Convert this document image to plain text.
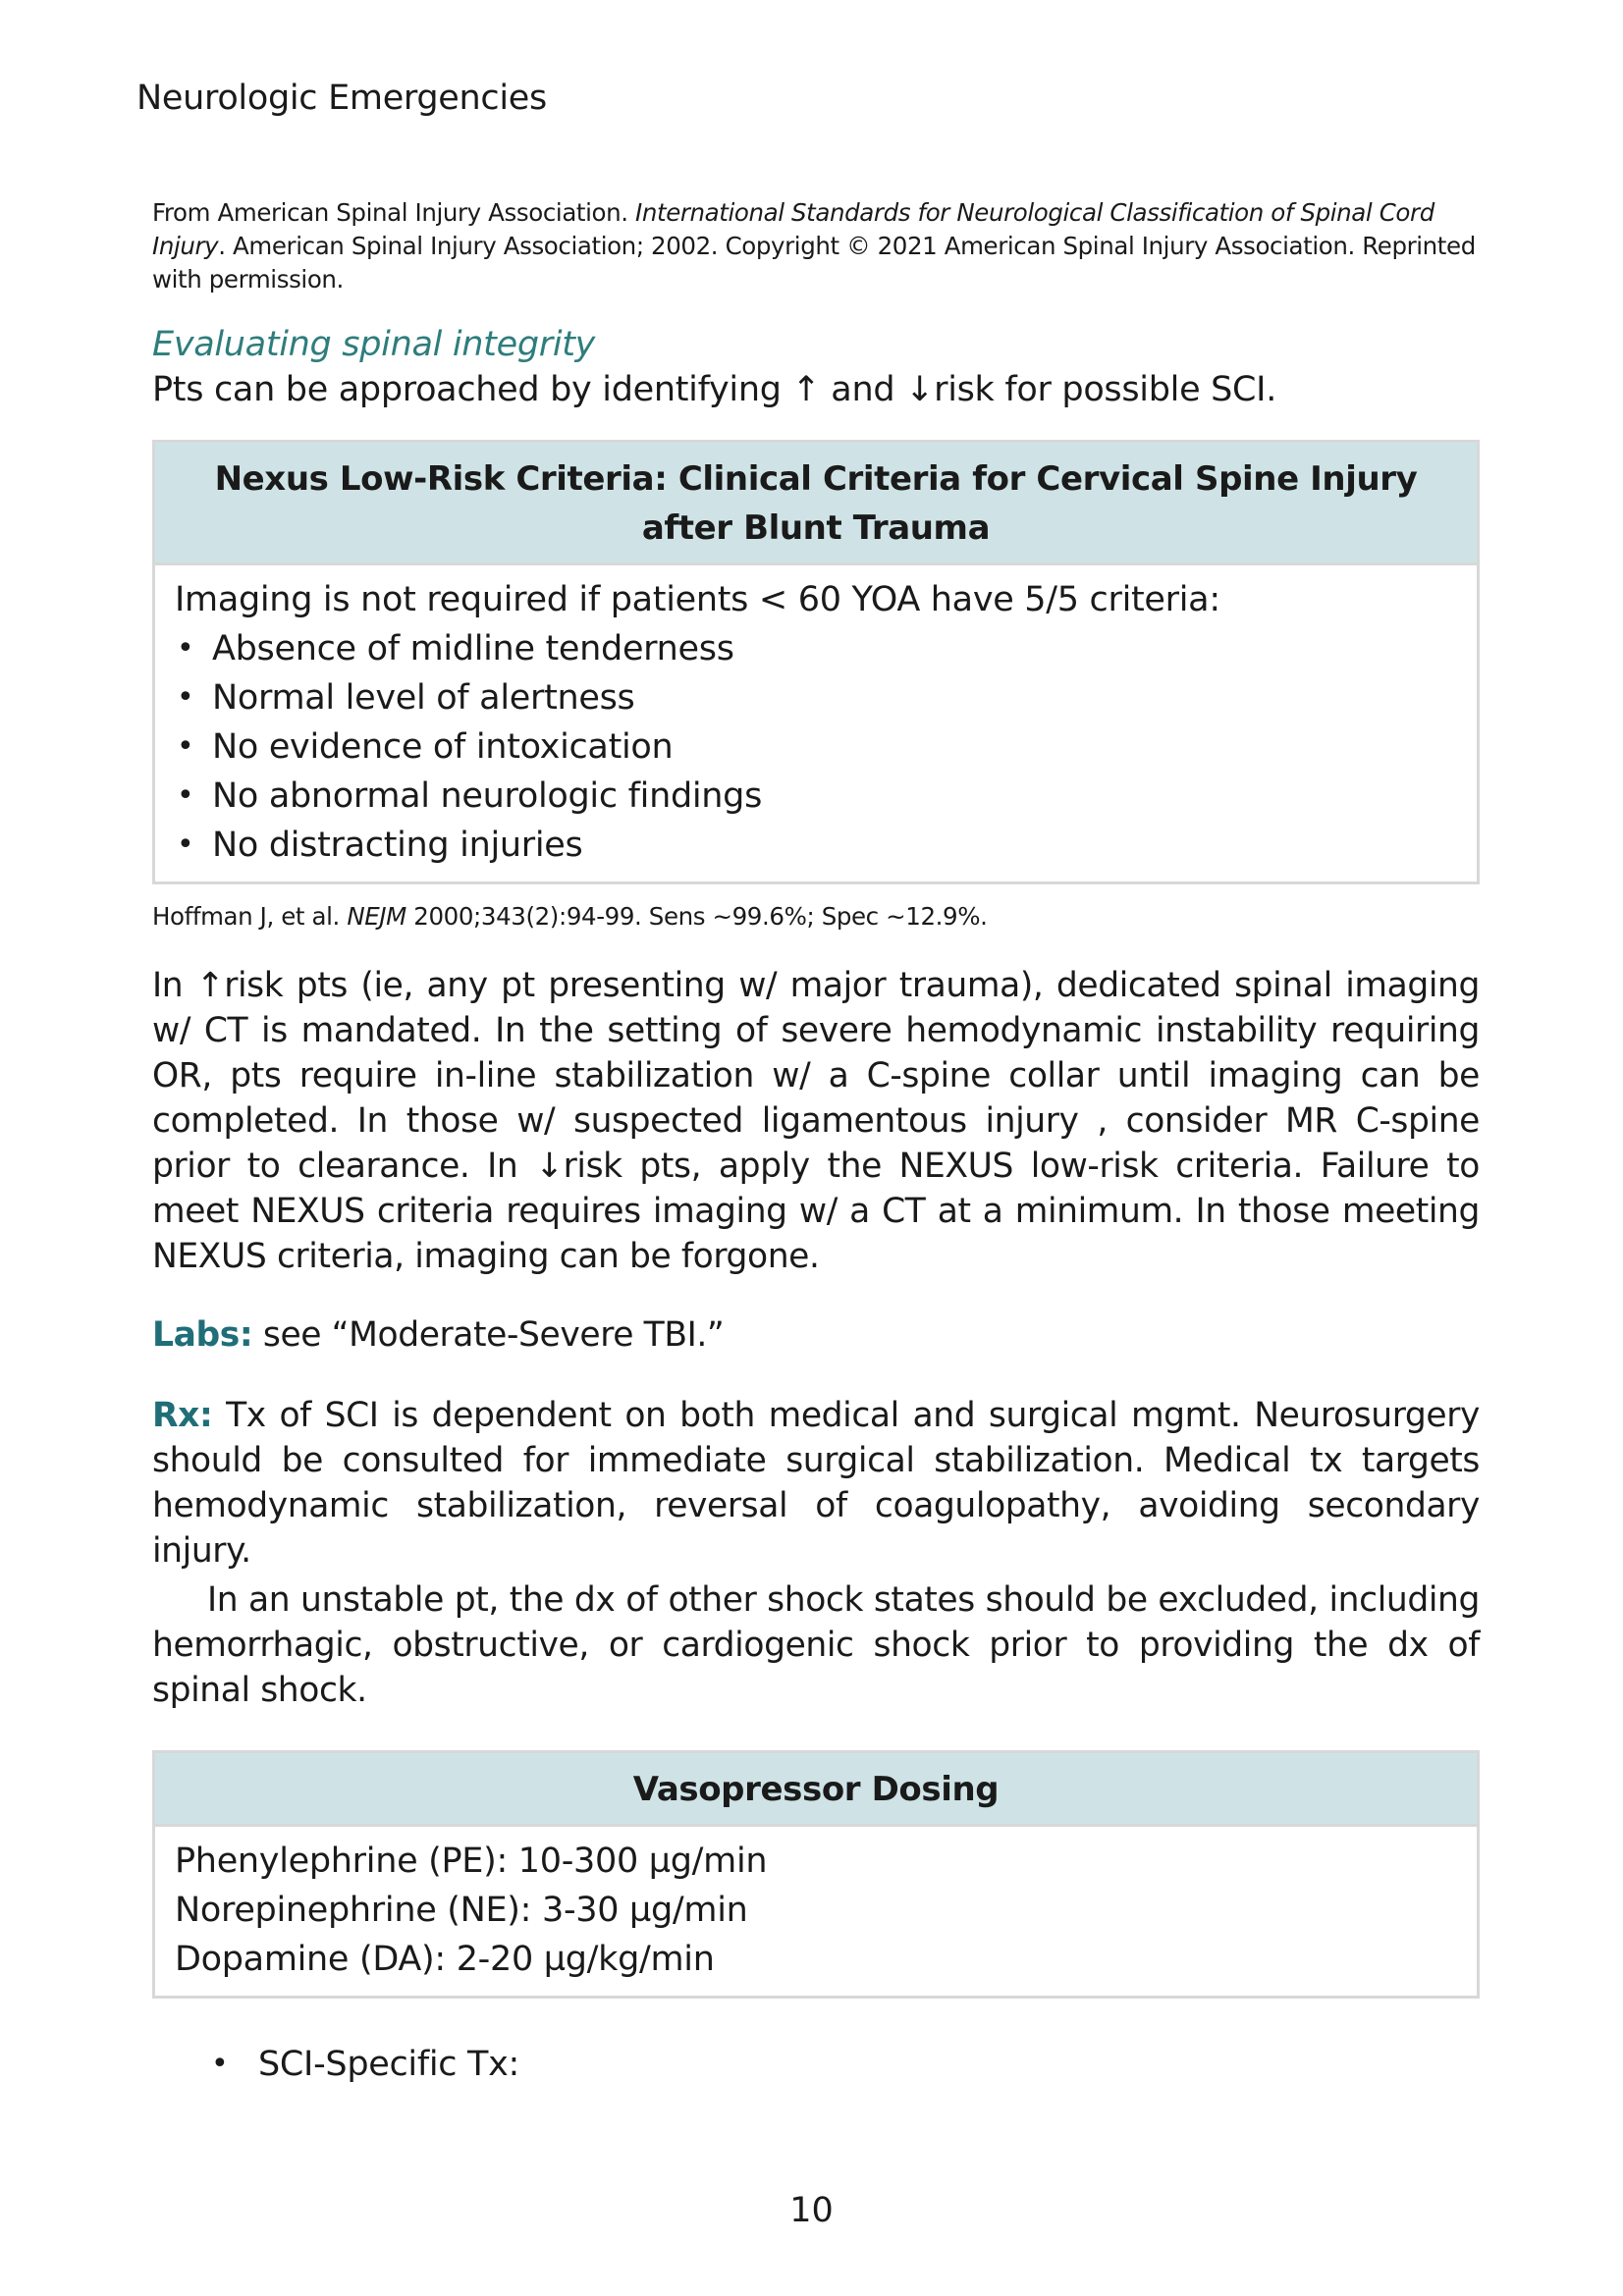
Neurologic Emergencies
From American Spinal Injury Association. International Standards for Neurological Classification of Spinal Cord Injury. American Spinal Injury Association; 2002. Copyright © 2021 American Spinal Injury Association. Reprinted with permission.
Evaluating spinal integrity
Pts can be approached by identifying ↑ and ↓risk for possible SCI.
Nexus Low-Risk Criteria: Clinical Criteria for Cervical Spine Injury after Blunt Trauma
Imaging is not required if patients < 60 YOA have 5/5 criteria:
• Absence of midline tenderness
• Normal level of alertness
• No evidence of intoxication
• No abnormal neurologic findings
• No distracting injuries
Hoffman J, et al. NEJM 2000;343(2):94-99. Sens ~99.6%; Spec ~12.9%.
In ↑risk pts (ie, any pt presenting w/ major trauma), dedicated spinal imaging w/ CT is mandated. In the setting of severe hemodynamic instability requiring OR, pts require in-line stabilization w/ a C-spine collar until imaging can be completed. In those w/ suspected ligamentous injury , consider MR C-spine prior to clearance. In ↓risk pts, apply the NEXUS low-risk criteria. Failure to meet NEXUS criteria requires imaging w/ a CT at a minimum. In those meeting NEXUS criteria, imaging can be forgone.
Labs: see “Moderate-Severe TBI.”
Rx: Tx of SCI is dependent on both medical and surgical mgmt. Neurosurgery should be consulted for immediate surgical stabilization. Medical tx targets hemodynamic stabilization, reversal of coagulopathy, avoiding secondary injury.
In an unstable pt, the dx of other shock states should be excluded, including hemorrhagic, obstructive, or cardiogenic shock prior to providing the dx of spinal shock.
Vasopressor Dosing
Phenylephrine (PE): 10-300 µg/min
Norepinephrine (NE): 3-30 µg/min
Dopamine (DA): 2-20 µg/kg/min
• SCI-Specific Tx:
10
